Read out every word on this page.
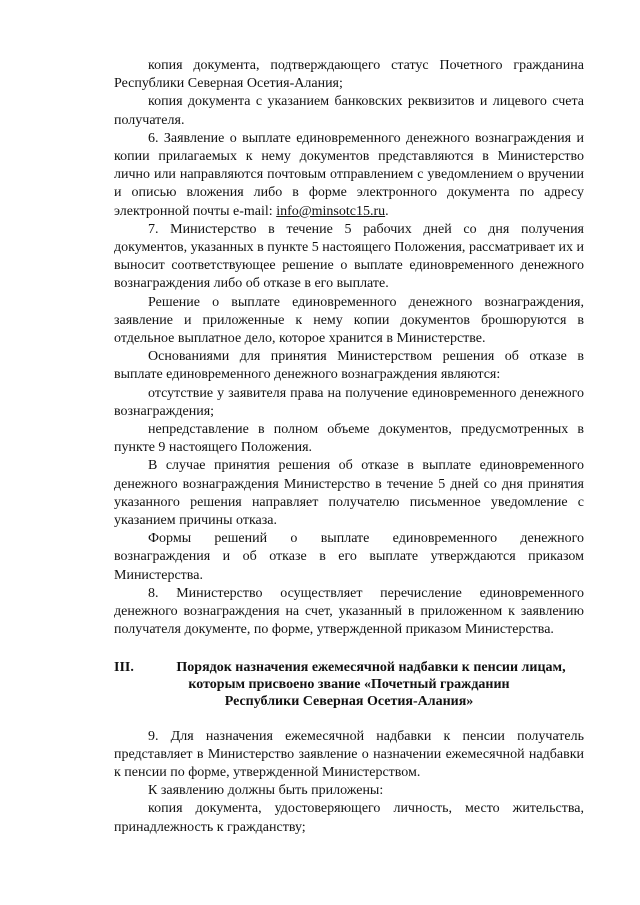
копия документа, подтверждающего статус Почетного гражданина Республики Северная Осетия-Алания;

копия документа с указанием банковских реквизитов и лицевого счета получателя.

6. Заявление о выплате единовременного денежного вознаграждения и копии прилагаемых к нему документов представляются в Министерство лично или направляются почтовым отправлением с уведомлением о вручении и описью вложения либо в форме электронного документа по адресу электронной почты e-mail: info@minsotc15.ru.

7. Министерство в течение 5 рабочих дней со дня получения документов, указанных в пункте 5 настоящего Положения, рассматривает их и выносит соответствующее решение о выплате единовременного денежного вознаграждения либо об отказе в его выплате.

Решение о выплате единовременного денежного вознаграждения, заявление и приложенные к нему копии документов брошюруются в отдельное выплатное дело, которое хранится в Министерстве.

Основаниями для принятия Министерством решения об отказе в выплате единовременного денежного вознаграждения являются:

отсутствие у заявителя права на получение единовременного денежного вознаграждения;

непредставление в полном объеме документов, предусмотренных в пункте 9 настоящего Положения.

В случае принятия решения об отказе в выплате единовременного денежного вознаграждения Министерство в течение 5 дней со дня принятия указанного решения направляет получателю письменное уведомление с указанием причины отказа.

Формы решений о выплате единовременного денежного вознаграждения и об отказе в его выплате утверждаются приказом Министерства.

8. Министерство осуществляет перечисление единовременного денежного вознаграждения на счет, указанный в приложенном к заявлению получателя документе, по форме, утвержденной приказом Министерства.

III.	Порядок назначения ежемесячной надбавки к пенсии лицам,
которым присвоено звание «Почетный гражданин
Республики Северная Осетия-Алания»

9. Для назначения ежемесячной надбавки к пенсии получатель представляет в Министерство заявление о назначении ежемесячной надбавки к пенсии по форме, утвержденной Министерством.

К заявлению должны быть приложены:

копия документа, удостоверяющего личность, место жительства, принадлежность к гражданству;
